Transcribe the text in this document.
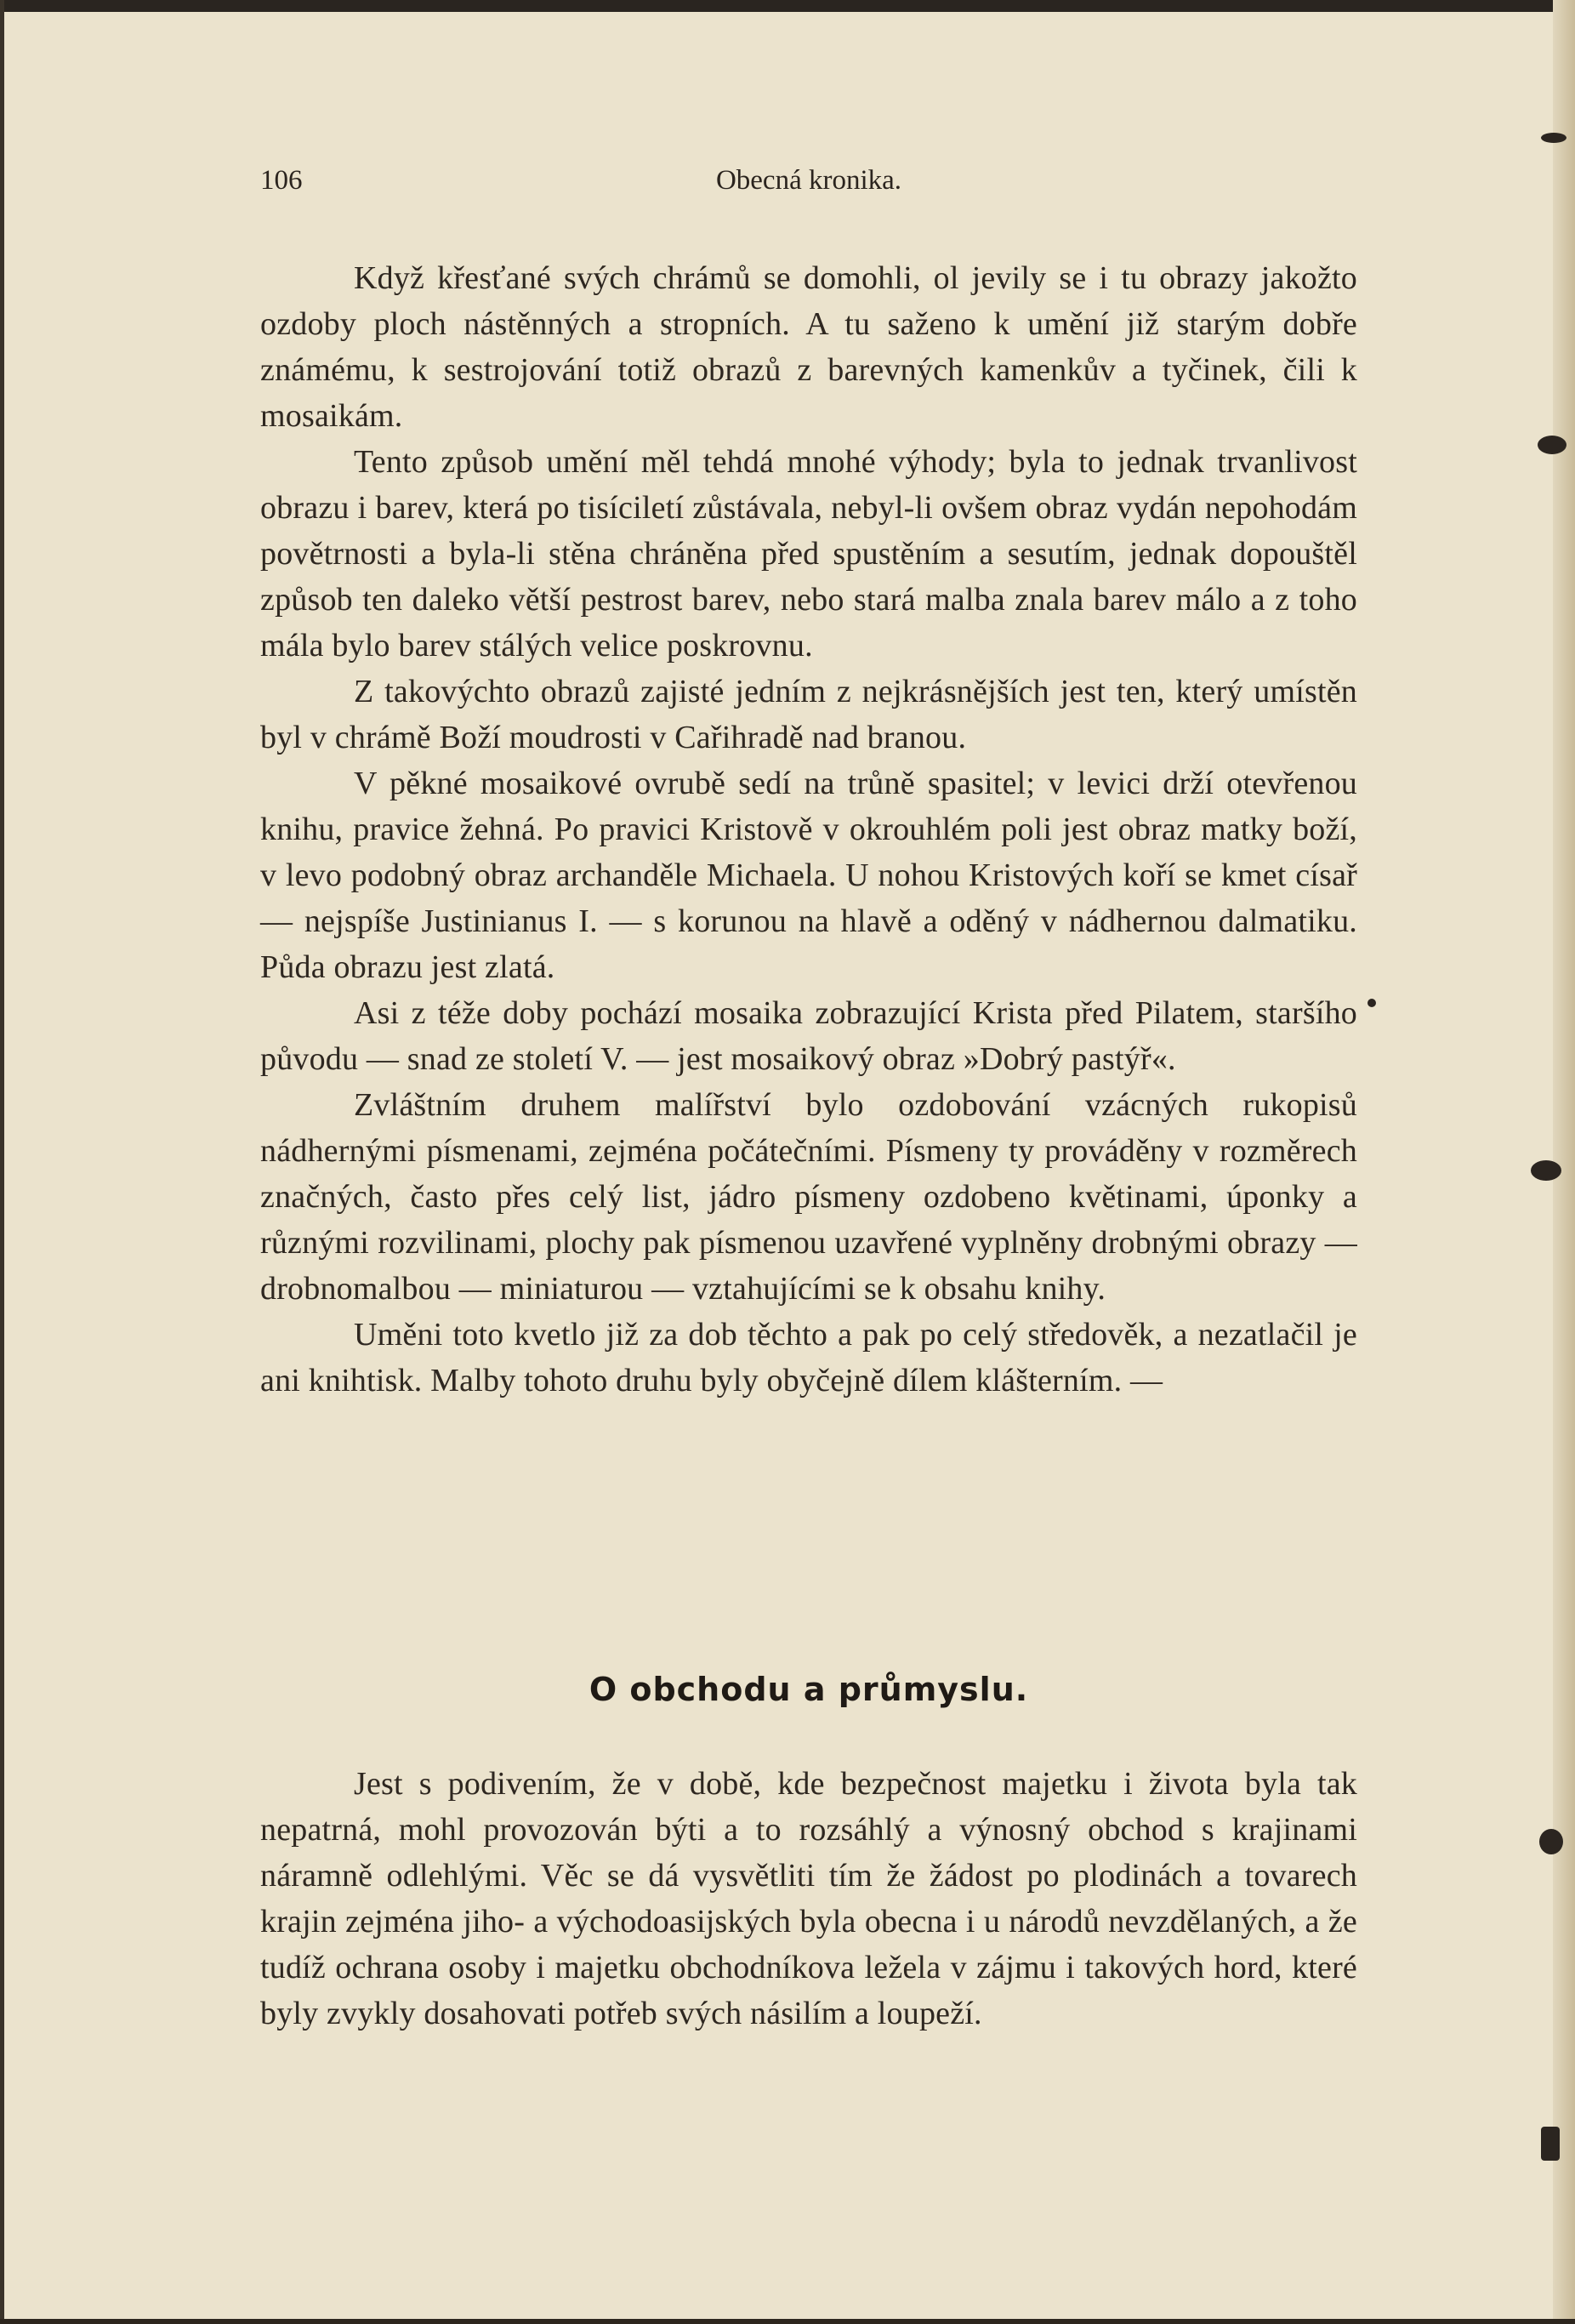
106	Obecná kronika.

Když křesťané svých chrámů se domohli, ol jevily se i tu obrazy jakožto ozdoby ploch nástěnných a stropních. A tu saženo k umění již starým dobře známému, k sestrojování totiž obrazů z barevných kamenkův a tyčinek, čili k mosaikám.

Tento způsob umění měl tehdá mnohé výhody; byla to jednak trvanlivost obrazu i barev, která po tisíciletí zůstávala, nebyl-li ovšem obraz vydán nepohodám povětrnosti a byla-li stěna chráněna před spustěním a sesutím, jednak dopouštěl způsob ten daleko větší pestrost barev, nebo stará malba znala barev málo a z toho mála bylo barev stálých velice poskrovnu.

Z takovýchto obrazů zajisté jedním z nejkrásnějších jest ten, který umístěn byl v chrámě Boží moudrosti v Cařihradě nad branou.

V pěkné mosaikové ovrubě sedí na trůně spasitel; v levici drží otevřenou knihu, pravice žehná. Po pravici Kristově v okrouhlém poli jest obraz matky boží, v levo podobný obraz archanděle Michaela. U nohou Kristových koří se kmet císař — nejspíše Justinianus I. — s korunou na hlavě a oděný v nádhernou dalmatiku. Půda obrazu jest zlatá.

Asi z téže doby pochází mosaika zobrazující Krista před Pilatem, staršího původu — snad ze století V. — jest mosaikový obraz »Dobrý pastýř«.

Zvláštním druhem malířství bylo ozdobování vzácných rukopisů nádhernými písmenami, zejména počátečními. Písmeny ty prováděny v rozměrech značných, často přes celý list, jádro písmeny ozdobeno květinami, úponky a různými rozvilinami, plochy pak písmenou uzavřené vyplněny drobnými obrazy — drobnomalbou — miniaturou — vztahujícími se k obsahu knihy.

Uměni toto kvetlo již za dob těchto a pak po celý středověk, a nezatlačil je ani knihtisk. Malby tohoto druhu byly obyčejně dílem klášterním. —

O obchodu a průmyslu.

Jest s podivením, že v době, kde bezpečnost majetku i života byla tak nepatrná, mohl provozován býti a to rozsáhlý a výnosný obchod s krajinami náramně odlehlými. Věc se dá vysvětliti tím že žádost po plodinách a tovarech krajin zejména jiho- a východoasijských byla obecna i u národů nevzdělaných, a že tudíž ochrana osoby i majetku obchodníkova ležela v zájmu i takových hord, které byly zvykly dosahovati potřeb svých násilím a loupeží.
